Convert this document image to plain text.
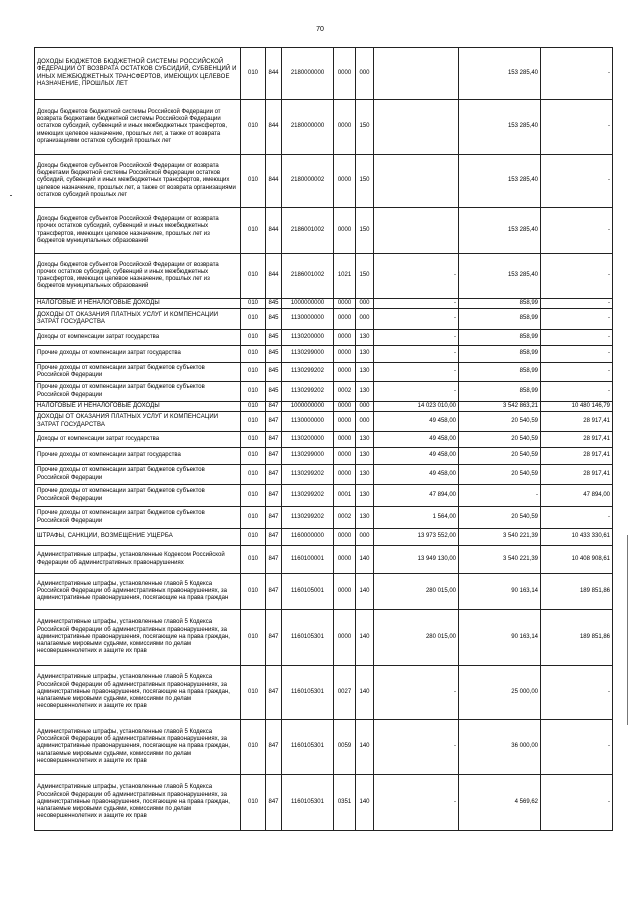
70
ДОХОДЫ БЮДЖЕТОВ БЮДЖЕТНОЙ СИСТЕМЫ РОССИЙСКОЙ ФЕДЕРАЦИИ ОТ ВОЗВРАТА ОСТАТКОВ СУБСИДИЙ, СУБВЕНЦИЙ И ИНЫХ МЕЖБЮДЖЕТНЫХ ТРАНСФЕРТОВ, ИМЕЮЩИХ ЦЕЛЕВОЕ НАЗНАЧЕНИЕ, ПРОШЛЫХ ЛЕТ	010	844	2180000000	0000	000		153 285,40	-
Доходы бюджетов бюджетной системы Российской Федерации от возврата бюджетами бюджетной системы Российской Федерации остатков субсидий, субвенций и иных межбюджетных трансфертов, имеющих целевое назначение, прошлых лет, а также от возврата организациями остатков субсидий прошлых лет	010	844	2180000000	0000	150		153 285,40	-
Доходы бюджетов субъектов Российской Федерации от возврата бюджетами бюджетной системы Российской Федерации остатков субсидий, субвенций и иных межбюджетных трансфертов, имеющих целевое назначение, прошлых лет, а также от возврата организациями остатков субсидий прошлых лет	010	844	2180000002	0000	150		153 285,40	-
Доходы бюджетов субъектов Российской Федерации от возврата прочих остатков субсидий, субвенций и иных межбюджетных трансфертов, имеющих целевое назначение, прошлых лет из бюджетов муниципальных образований	010	844	2186001002	0000	150		153 285,40	-
Доходы бюджетов субъектов Российской Федерации от возврата прочих остатков субсидий, субвенций и иных межбюджетных трансфертов, имеющих целевое назначение, прошлых лет из бюджетов муниципальных образований	010	844	2186001002	1021	150	-	153 285,40	-
НАЛОГОВЫЕ И НЕНАЛОГОВЫЕ ДОХОДЫ	010	845	1000000000	0000	000	-	858,99	-
ДОХОДЫ ОТ ОКАЗАНИЯ ПЛАТНЫХ УСЛУГ И КОМПЕНСАЦИИ ЗАТРАТ ГОСУДАРСТВА	010	845	1130000000	0000	000	-	858,99	-
Доходы от компенсации затрат государства	010	845	1130200000	0000	130	-	858,99	-
Прочие доходы от компенсации затрат государства	010	845	1130299000	0000	130	-	858,99	-
Прочие доходы от компенсации затрат бюджетов субъектов Российской Федерации	010	845	1130299202	0000	130	-	858,99	-
Прочие доходы от компенсации затрат бюджетов субъектов Российской Федерации	010	845	1130299202	0002	130	-	858,99	-
НАЛОГОВЫЕ И НЕНАЛОГОВЫЕ ДОХОДЫ	010	847	1000000000	0000	000	14 023 010,00	3 542 863,21	10 480 146,79
ДОХОДЫ ОТ ОКАЗАНИЯ ПЛАТНЫХ УСЛУГ И КОМПЕНСАЦИИ ЗАТРАТ ГОСУДАРСТВА	010	847	1130000000	0000	000	49 458,00	20 540,59	28 917,41
Доходы от компенсации затрат государства	010	847	1130200000	0000	130	49 458,00	20 540,59	28 917,41
Прочие доходы от компенсации затрат государства	010	847	1130299000	0000	130	49 458,00	20 540,59	28 917,41
Прочие доходы от компенсации затрат бюджетов субъектов Российской Федерации	010	847	1130299202	0000	130	49 458,00	20 540,59	28 917,41
Прочие доходы от компенсации затрат бюджетов субъектов Российской Федерации	010	847	1130299202	0001	130	47 894,00	-	47 894,00
Прочие доходы от компенсации затрат бюджетов субъектов Российской Федерации	010	847	1130299202	0002	130	1 564,00	20 540,59	-
ШТРАФЫ, САНКЦИИ, ВОЗМЕЩЕНИЕ УЩЕРБА	010	847	1160000000	0000	000	13 973 552,00	3 540 221,39	10 433 330,61
Административные штрафы, установленные Кодексом Российской Федерации об административных правонарушениях	010	847	1160100001	0000	140	13 949 130,00	3 540 221,39	10 408 908,61
Административные штрафы, установленные главой 5 Кодекса Российской Федерации об административных правонарушениях, за административные правонарушения, посягающие на права граждан	010	847	1160105001	0000	140	280 015,00	90 163,14	189 851,86
Административные штрафы, установленные главой 5 Кодекса Российской Федерации об административных правонарушениях, за административные правонарушения, посягающие на права граждан, налагаемые мировыми судьями, комиссиями по делам несовершеннолетних и защите их прав	010	847	1160105301	0000	140	280 015,00	90 163,14	189 851,86
Административные штрафы, установленные главой 5 Кодекса Российской Федерации об административных правонарушениях, за административные правонарушения, посягающие на права граждан, налагаемые мировыми судьями, комиссиями по делам несовершеннолетних и защите их прав	010	847	1160105301	0027	140	-	25 000,00	-
Административные штрафы, установленные главой 5 Кодекса Российской Федерации об административных правонарушениях, за административные правонарушения, посягающие на права граждан, налагаемые мировыми судьями, комиссиями по делам несовершеннолетних и защите их прав	010	847	1160105301	0059	140	-	36 000,00	-
Административные штрафы, установленные главой 5 Кодекса Российской Федерации об административных правонарушениях, за административные правонарушения, посягающие на права граждан, налагаемые мировыми судьями, комиссиями по делам несовершеннолетних и защите их прав	010	847	1160105301	0351	140	-	4 569,62	-
